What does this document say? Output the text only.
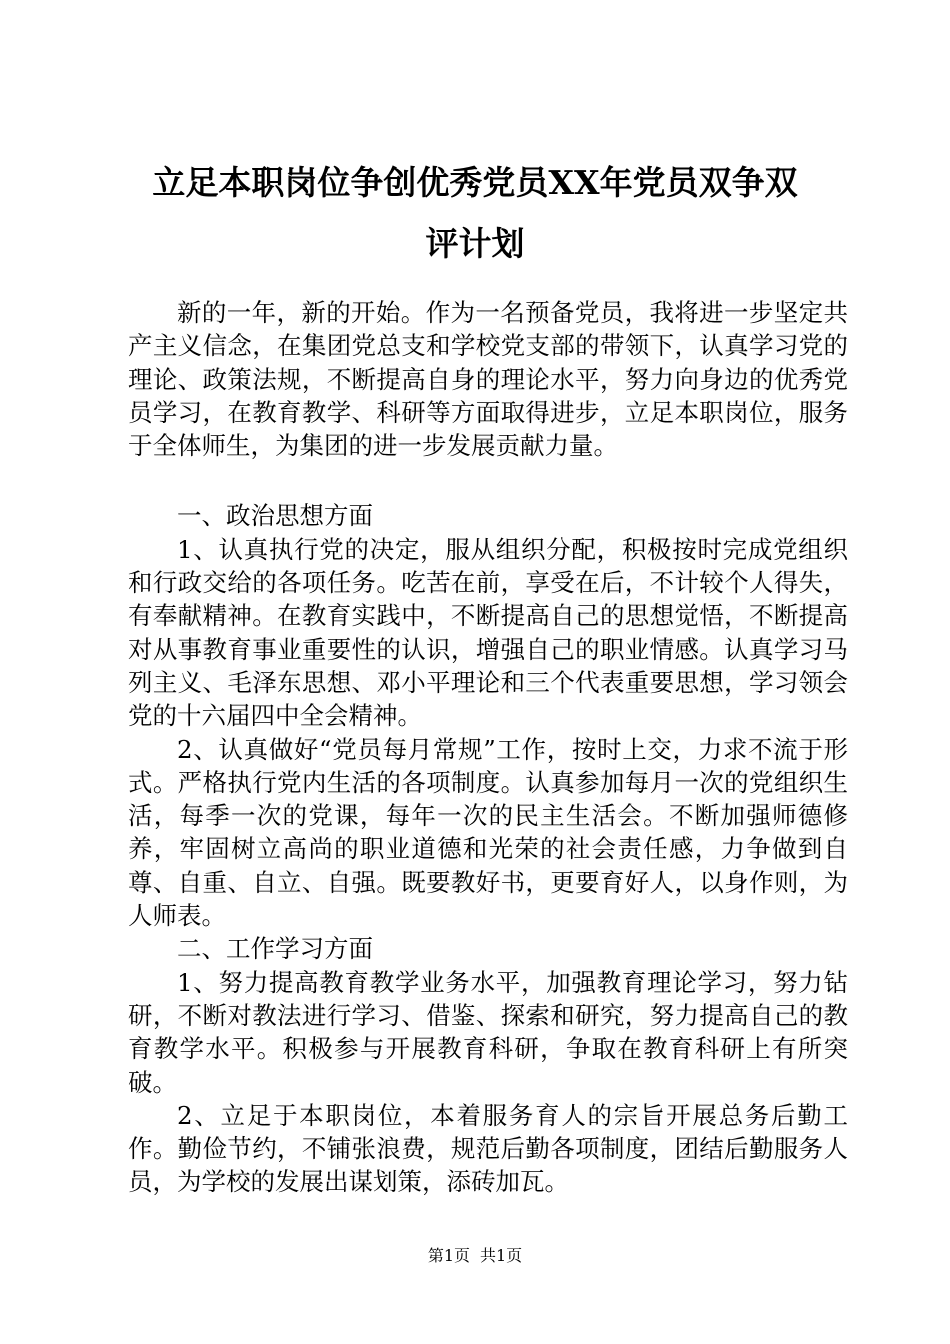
立足本职岗位争创优秀党员XX年党员双争双
评计划

新的一年，新的开始。作为一名预备党员，我将进一步坚定共产主义信念，在集团党总支和学校党支部的带领下，认真学习党的理论、政策法规，不断提高自身的理论水平，努力向身边的优秀党员学习，在教育教学、科研等方面取得进步，立足本职岗位，服务于全体师生，为集团的进一步发展贡献力量。

一、政治思想方面

1、认真执行党的决定，服从组织分配，积极按时完成党组织和行政交给的各项任务。吃苦在前，享受在后，不计较个人得失，有奉献精神。在教育实践中，不断提高自己的思想觉悟，不断提高对从事教育事业重要性的认识，增强自己的职业情感。认真学习马列主义、毛泽东思想、邓小平理论和三个代表重要思想，学习领会党的十六届四中全会精神。

2、认真做好“党员每月常规”工作，按时上交，力求不流于形式。严格执行党内生活的各项制度。认真参加每月一次的党组织生活，每季一次的党课，每年一次的民主生活会。不断加强师德修养，牢固树立高尚的职业道德和光荣的社会责任感，力争做到自尊、自重、自立、自强。既要教好书，更要育好人，以身作则，为人师表。

二、工作学习方面

1、努力提高教育教学业务水平，加强教育理论学习，努力钻研，不断对教法进行学习、借鉴、探索和研究，努力提高自己的教育教学水平。积极参与开展教育科研，争取在教育科研上有所突破。

2、立足于本职岗位，本着服务育人的宗旨开展总务后勤工作。勤俭节约，不铺张浪费，规范后勤各项制度，团结后勤服务人员，为学校的发展出谋划策，添砖加瓦。

第1页 共1页
